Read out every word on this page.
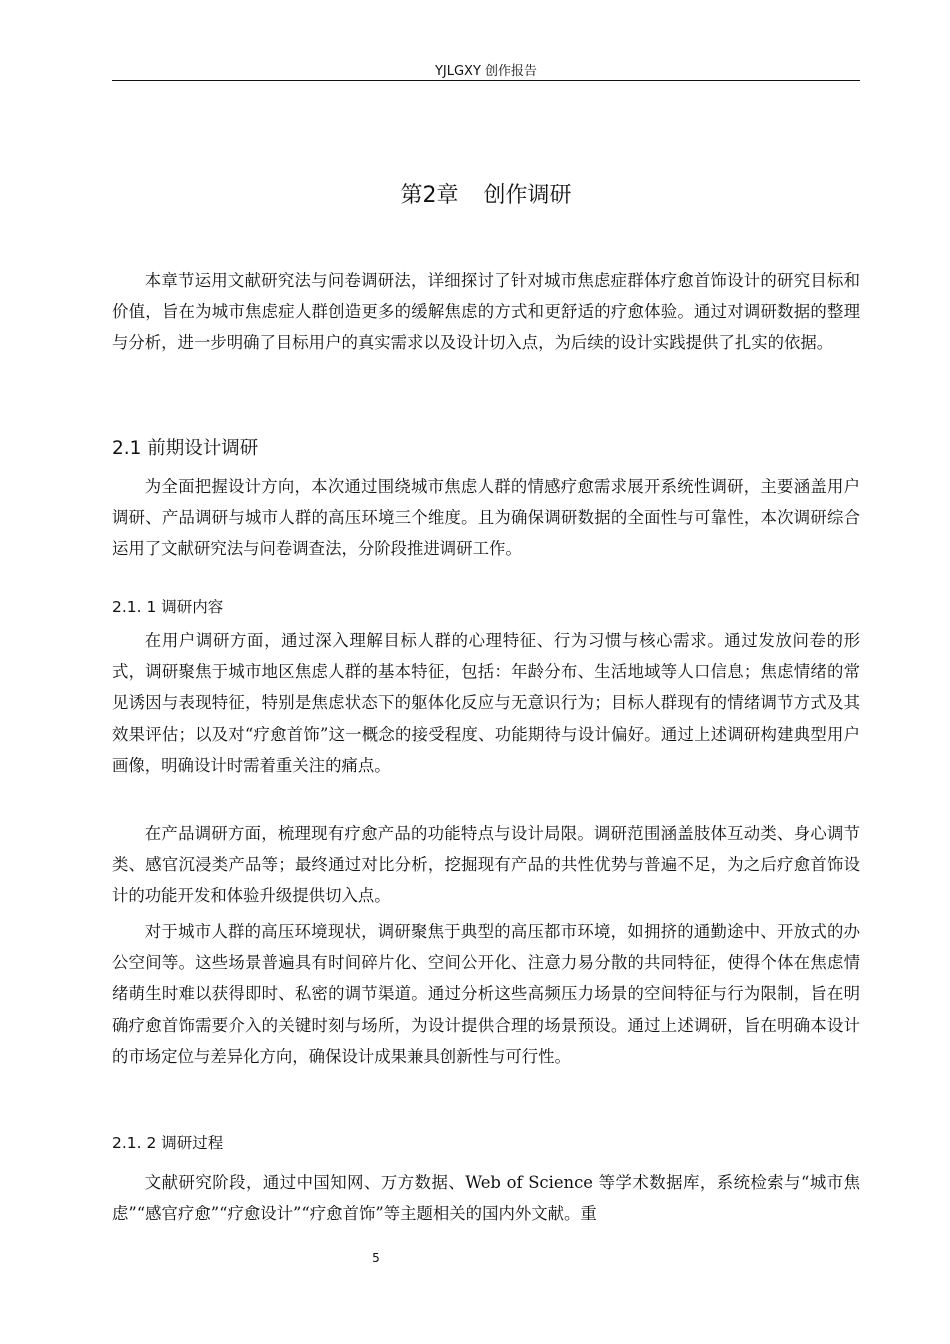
YJLGXY 创作报告
第2章 创作调研

本章节运用文献研究法与问卷调研法，详细探讨了针对城市焦虑症群体疗愈首饰设计的研究目标和价值，旨在为城市焦虑症人群创造更多的缓解焦虑的方式和更舒适的疗愈体验。通过对调研数据的整理与分析，进一步明确了目标用户的真实需求以及设计切入点，为后续的设计实践提供了扎实的依据。

2.1 前期设计调研

为全面把握设计方向，本次通过围绕城市焦虑人群的情感疗愈需求展开系统性调研，主要涵盖用户调研、产品调研与城市人群的高压环境三个维度。且为确保调研数据的全面性与可靠性，本次调研综合运用了文献研究法与问卷调查法，分阶段推进调研工作。

2.1. 1 调研内容

在用户调研方面，通过深入理解目标人群的心理特征、行为习惯与核心需求。通过发放问卷的形式，调研聚焦于城市地区焦虑人群的基本特征，包括：年龄分布、生活地域等人口信息；焦虑情绪的常见诱因与表现特征，特别是焦虑状态下的躯体化反应与无意识行为；目标人群现有的情绪调节方式及其效果评估；以及对“疗愈首饰”这一概念的接受程度、功能期待与设计偏好。通过上述调研构建典型用户画像，明确设计时需着重关注的痛点。

在产品调研方面，梳理现有疗愈产品的功能特点与设计局限。调研范围涵盖肢体互动类、身心调节类、感官沉浸类产品等；最终通过对比分析，挖掘现有产品的共性优势与普遍不足，为之后疗愈首饰设计的功能开发和体验升级提供切入点。

对于城市人群的高压环境现状，调研聚焦于典型的高压都市环境，如拥挤的通勤途中、开放式的办公空间等。这些场景普遍具有时间碎片化、空间公开化、注意力易分散的共同特征，使得个体在焦虑情绪萌生时难以获得即时、私密的调节渠道。通过分析这些高频压力场景的空间特征与行为限制，旨在明确疗愈首饰需要介入的关键时刻与场所，为设计提供合理的场景预设。通过上述调研，旨在明确本设计的市场定位与差异化方向，确保设计成果兼具创新性与可行性。

2.1. 2 调研过程

文献研究阶段，通过中国知网、万方数据、Web of Science 等学术数据库，系统检索与“城市焦虑”“感官疗愈”“疗愈设计”“疗愈首饰”等主题相关的国内外文献。重

5
